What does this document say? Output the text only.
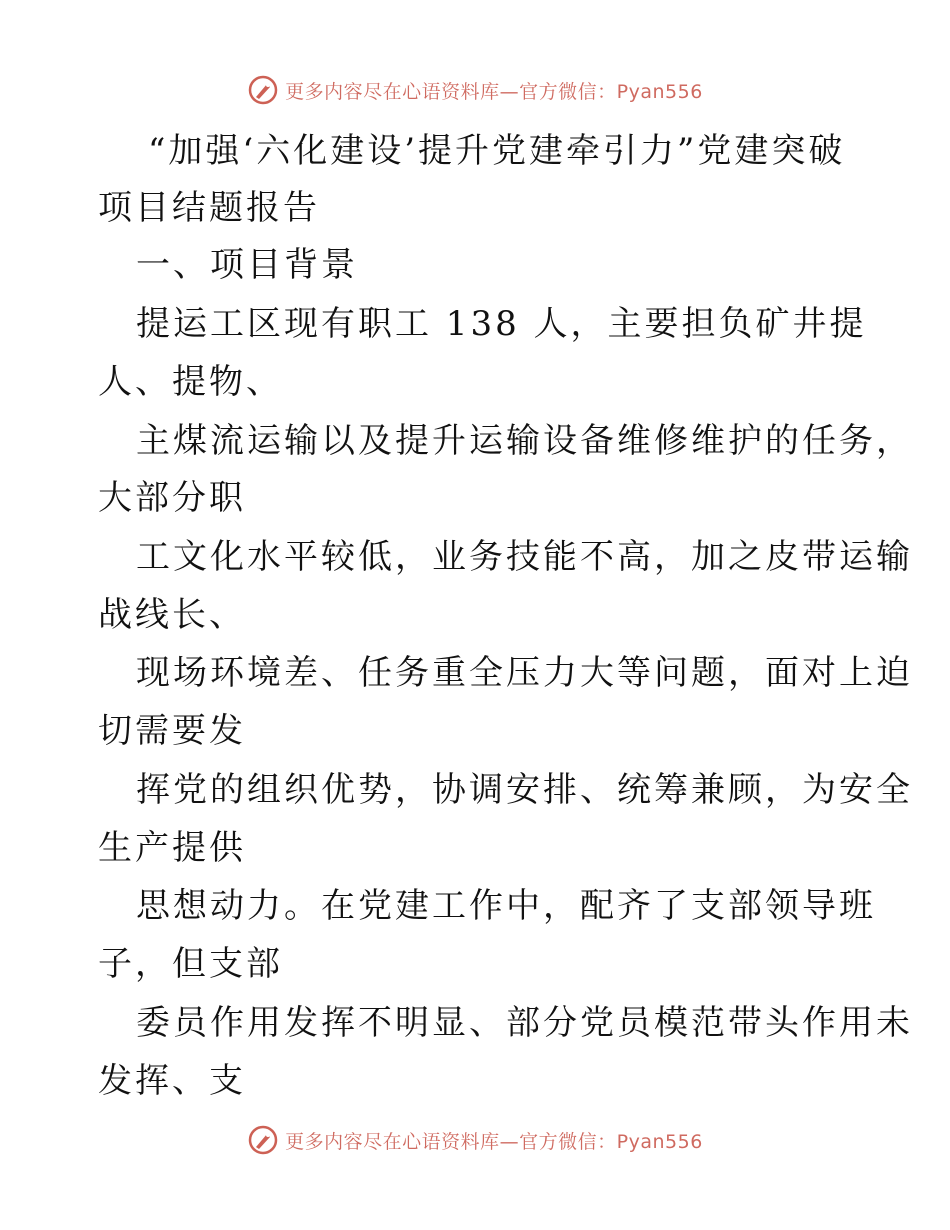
更多内容尽在心语资料库—官方微信：Pyan556
“加强‘六化建设’提升党建牵引力”党建突破
项目结题报告
一、项目背景
提运工区现有职工 138 人，主要担负矿井提
人、提物、
主煤流运输以及提升运输设备维修维护的任务，
大部分职
工文化水平较低，业务技能不高，加之皮带运输
战线长、
现场环境差、任务重全压力大等问题，面对上迫
切需要发
挥党的组织优势，协调安排、统筹兼顾，为安全
生产提供
思想动力。在党建工作中，配齐了支部领导班
子，但支部
委员作用发挥不明显、部分党员模范带头作用未
发挥、支
更多内容尽在心语资料库—官方微信：Pyan556
